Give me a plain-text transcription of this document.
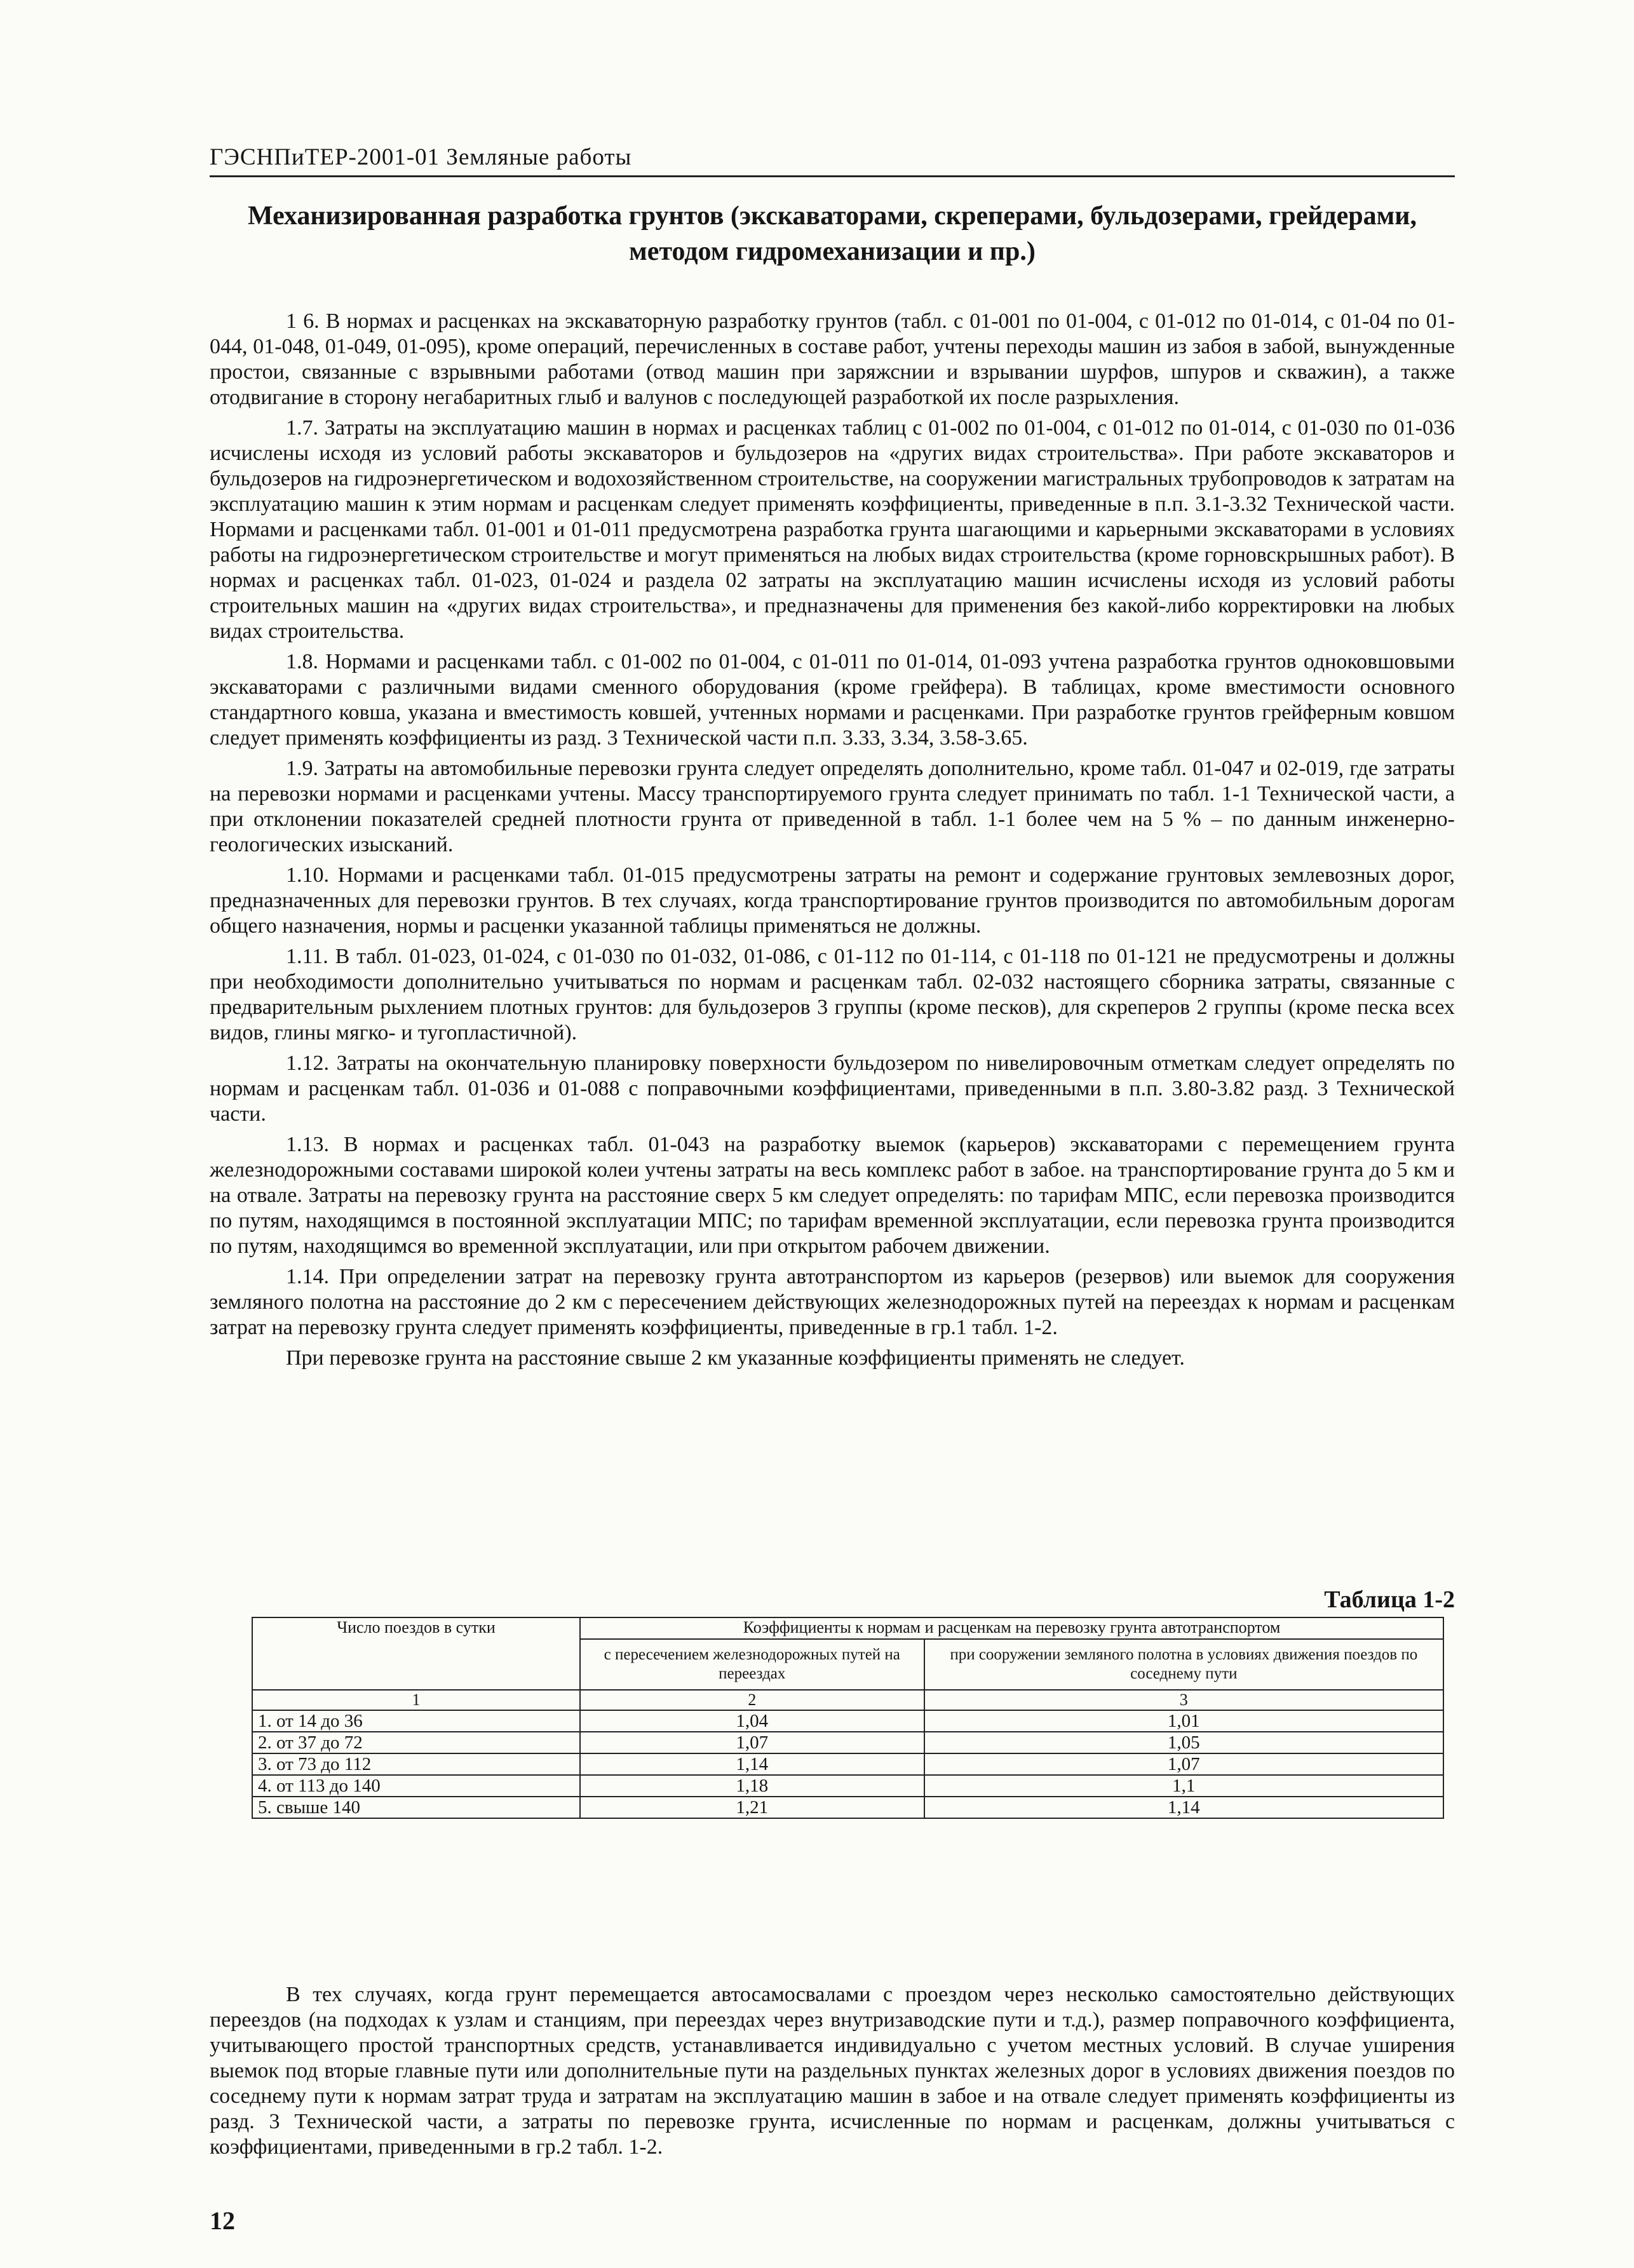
ГЭСНПиТЕР-2001-01 Земляные работы
Механизированная разработка грунтов (экскаваторами, скреперами, бульдозерами, грейдерами,
методом гидромеханизации и пр.)

1 6. В нормах и расценках на экскаваторную разработку грунтов (табл. с 01-001 по 01-004, с 01-012 по 01-014, с 01-04 по 01-044, 01-048, 01-049, 01-095), кроме операций, перечисленных в составе работ, учтены переходы машин из забоя в забой, вынужденные простои, связанные с взрывными работами (отвод машин при заряжснии и взрывании шурфов, шпуров и скважин), а также отодвигание в сторону негабаритных глыб и валунов с последующей разработкой их после разрыхления.

1.7. Затраты на эксплуатацию машин в нормах и расценках таблиц с 01-002 по 01-004, с 01-012 по 01-014, с 01-030 по 01-036 исчислены исходя из условий работы экскаваторов и бульдозеров на «других видах строительства». При работе экскаваторов и бульдозеров на гидроэнергетическом и водохозяйственном строительстве, на сооружении магистральных трубопроводов к затратам на эксплуатацию машин к этим нормам и расценкам следует применять коэффициенты, приведенные в п.п. 3.1-3.32 Технической части. Нормами и расценками табл. 01-001 и 01-011 предусмотрена разработка грунта шагающими и карьерными экскаваторами в условиях работы на гидроэнергетическом строительстве и могут применяться на любых видах строительства (кроме горновскрышных работ). В нормах и расценках табл. 01-023, 01-024 и раздела 02 затраты на эксплуатацию машин исчислены исходя из условий работы строительных машин на «других видах строительства», и предназначены для применения без какой-либо корректировки на любых видах строительства.

1.8. Нормами и расценками табл. с 01-002 по 01-004, с 01-011 по 01-014, 01-093 учтена разработка грунтов одноковшовыми экскаваторами с различными видами сменного оборудования (кроме грейфера). В таблицах, кроме вместимости основного стандартного ковша, указана и вместимость ковшей, учтенных нормами и расценками. При разработке грунтов грейферным ковшом следует применять коэффициенты из разд. 3 Технической части п.п. 3.33, 3.34, 3.58-3.65.

1.9. Затраты на автомобильные перевозки грунта следует определять дополнительно, кроме табл. 01-047 и 02-019, где затраты на перевозки нормами и расценками учтены. Массу транспортируемого грунта следует принимать по табл. 1-1 Технической части, а при отклонении показателей средней плотности грунта от приведенной в табл. 1-1 более чем на 5 % – по данным инженерно-геологических изысканий.

1.10. Нормами и расценками табл. 01-015 предусмотрены затраты на ремонт и содержание грунтовых землевозных дорог, предназначенных для перевозки грунтов. В тех случаях, когда транспортирование грунтов производится по автомобильным дорогам общего назначения, нормы и расценки указанной таблицы применяться не должны.

1.11. В табл. 01-023, 01-024, с 01-030 по 01-032, 01-086, с 01-112 по 01-114, с 01-118 по 01-121 не предусмотрены и должны при необходимости дополнительно учитываться по нормам и расценкам табл. 02-032 настоящего сборника затраты, связанные с предварительным рыхлением плотных грунтов: для бульдозеров 3 группы (кроме песков), для скреперов 2 группы (кроме песка всех видов, глины мягко- и тугопластичной).

1.12. Затраты на окончательную планировку поверхности бульдозером по нивелировочным отметкам следует определять по нормам и расценкам табл. 01-036 и 01-088 с поправочными коэффициентами, приведенными в п.п. 3.80-3.82 разд. 3 Технической части.

1.13. В нормах и расценках табл. 01-043 на разработку выемок (карьеров) экскаваторами с перемещением грунта железнодорожными составами широкой колеи учтены затраты на весь комплекс работ в забое. на транспортирование грунта до 5 км и на отвале. Затраты на перевозку грунта на расстояние сверх 5 км следует определять: по тарифам МПС, если перевозка производится по путям, находящимся в постоянной эксплуатации МПС; по тарифам временной эксплуатации, если перевозка грунта производится по путям, находящимся во временной эксплуатации, или при открытом рабочем движении.

1.14. При определении затрат на перевозку грунта автотранспортом из карьеров (резервов) или выемок для сооружения земляного полотна на расстояние до 2 км с пересечением действующих железнодорожных путей на переездах к нормам и расценкам затрат на перевозку грунта следует применять коэффициенты, приведенные в гр.1 табл. 1-2.

При перевозке грунта на расстояние свыше 2 км указанные коэффициенты применять не следует.

Таблица 1-2
Число поездов в сутки	Коэффициенты к нормам и расценкам на перевозку грунта автотранспортом	
	с пересечением железнодорожных путей на переездах	при сооружении земляного полотна в условиях движения поездов по соседнему пути
1	2	3
1. от 14 до 36	1,04	1,01
2. от 37 до 72	1,07	1,05
3. от 73 до 112	1,14	1,07
4. от 113 до 140	1,18	1,1
5. свыше 140	1,21	1,14

В тех случаях, когда грунт перемещается автосамосвалами с проездом через несколько самостоятельно действующих переездов (на подходах к узлам и станциям, при переездах через внутризаводские пути и т.д.), размер поправочного коэффициента, учитывающего простой транспортных средств, устанавливается индивидуально с учетом местных условий. В случае уширения выемок под вторые главные пути или дополнительные пути на раздельных пунктах железных дорог в условиях движения поездов по соседнему пути к нормам затрат труда и затратам на эксплуатацию машин в забое и на отвале следует применять коэффициенты из разд. 3 Технической части, а затраты по перевозке грунта, исчисленные по нормам и расценкам, должны учитываться с коэффициентами, приведенными в гр.2 табл. 1-2.

12
